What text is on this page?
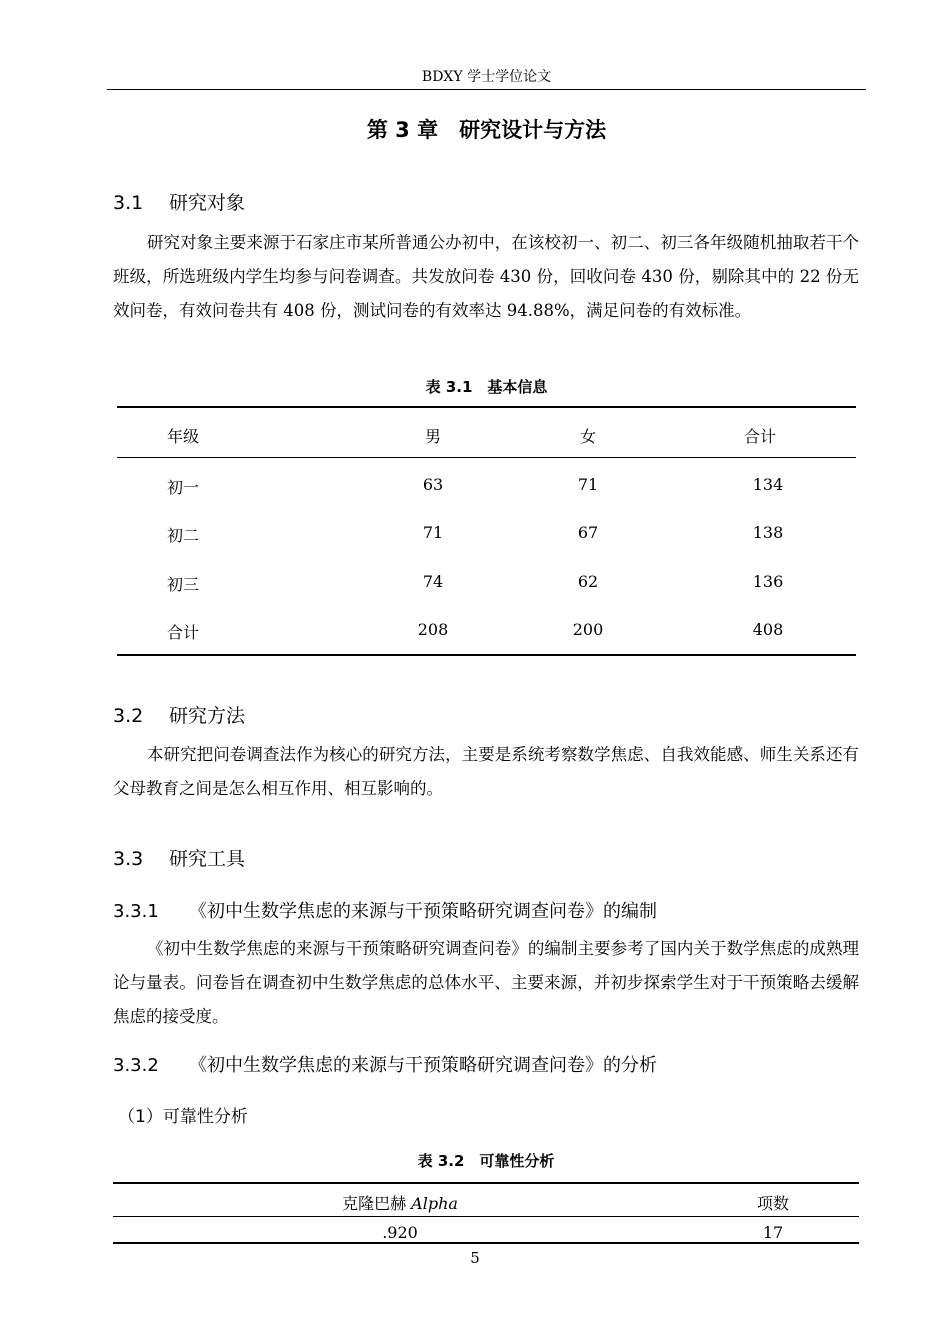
BDXY 学士学位论文
第 3 章　研究设计与方法
3.1 研究对象
研究对象主要来源于石家庄市某所普通公办初中，在该校初一、初二、初三各年级随机抽取若干个班级，所选班级内学生均参与问卷调查。共发放问卷 430 份，回收问卷 430 份，剔除其中的 22 份无效问卷，有效问卷共有 408 份，测试问卷的有效率达 94.88%，满足问卷的有效标准。
表 3.1　基本信息
年级	男	女	合计
初一	63	71	134
初二	71	67	138
初三	74	62	136
合计	208	200	408
3.2 研究方法
本研究把问卷调查法作为核心的研究方法，主要是系统考察数学焦虑、自我效能感、师生关系还有父母教育之间是怎么相互作用、相互影响的。
3.3 研究工具
3.3.1 《初中生数学焦虑的来源与干预策略研究调查问卷》的编制
《初中生数学焦虑的来源与干预策略研究调查问卷》的编制主要参考了国内关于数学焦虑的成熟理论与量表。问卷旨在调查初中生数学焦虑的总体水平、主要来源，并初步探索学生对于干预策略去缓解焦虑的接受度。
3.3.2 《初中生数学焦虑的来源与干预策略研究调查问卷》的分析
（1）可靠性分析
表 3.2　可靠性分析
克隆巴赫 Alpha	项数
.920	17
5
